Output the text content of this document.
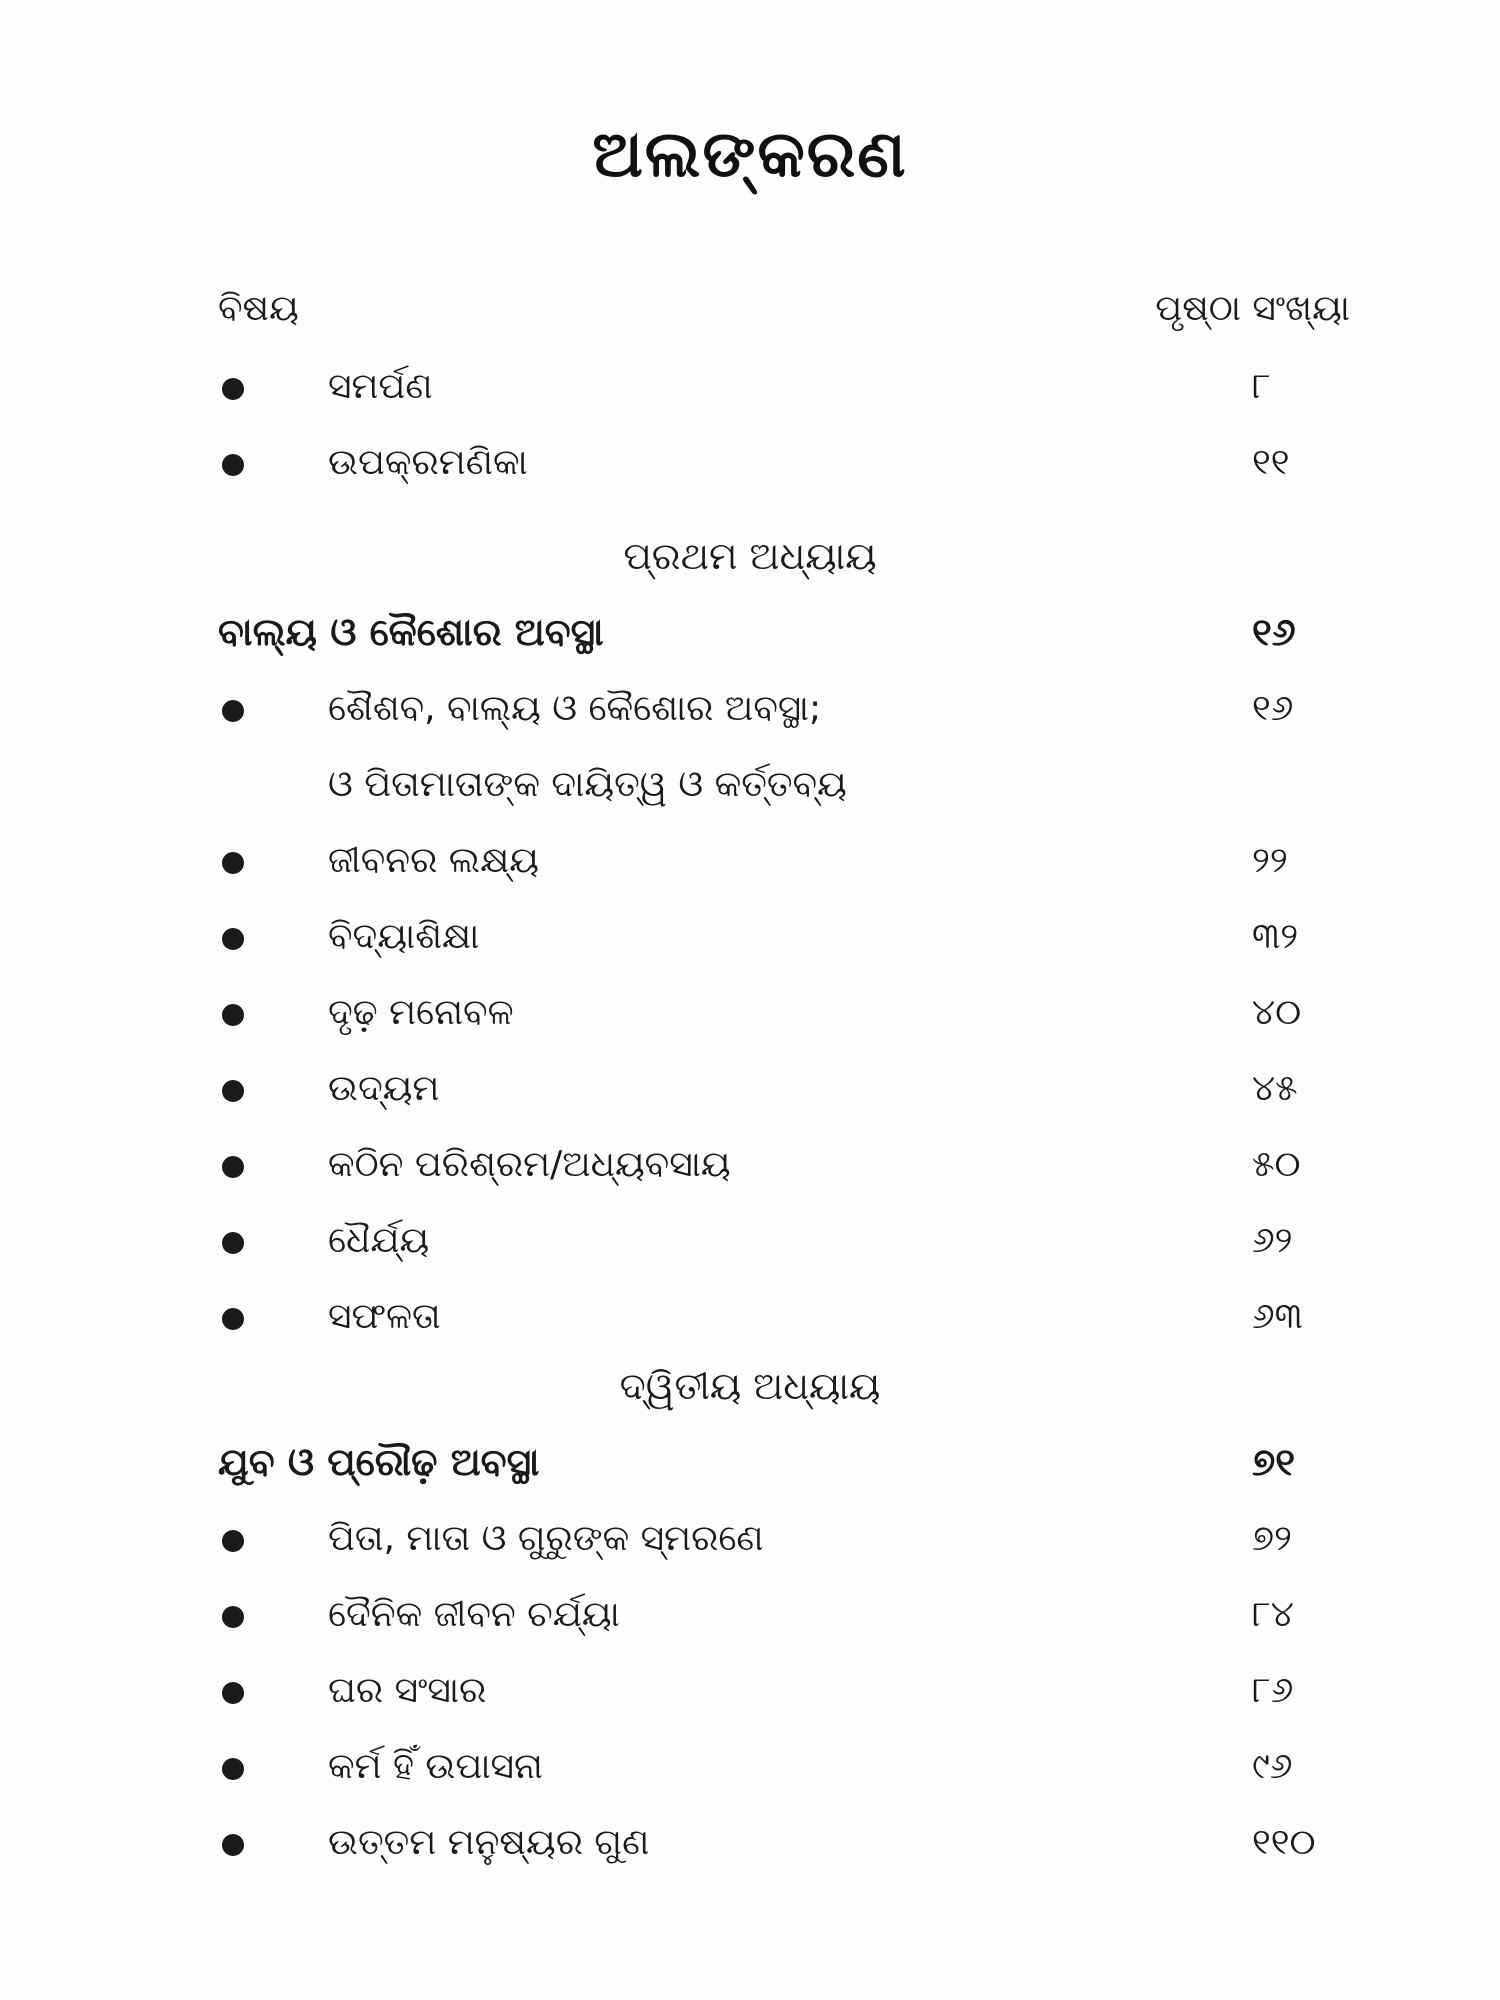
ଅଲଙ୍କରଣ
ବିଷୟ	ପୃଷ୍ଠା ସଂଖ୍ୟା
ସମର୍ପଣ	୮
ଉପକ୍ରମଣିକା	୧୧
ପ୍ରଥମ ଅଧ୍ୟାୟ
ବାଲ୍ୟ ଓ କୈଶୋର ଅବସ୍ଥା	୧୬
ଶୈଶବ, ବାଲ୍ୟ ଓ କୈଶୋର ଅବସ୍ଥା;	୧୬
ଓ ପିତାମାତାଙ୍କ ଦାୟିତ୍ୱ ଓ କର୍ତ୍ତବ୍ୟ
ଜୀବନର ଲକ୍ଷ୍ୟ	୨୨
ବିଦ୍ୟାଶିକ୍ଷା	୩୨
ଦୃଢ଼ ମନୋବଳ	୪୦
ଉଦ୍ୟମ	୪୫
କଠିନ ପରିଶ୍ରମ/ଅଧ୍ୟବସାୟ	୫୦
ଧୈର୍ଯ୍ୟ	୬୨
ସଫଳତା	୬୩
ଦ୍ୱିତୀୟ ଅଧ୍ୟାୟ
ଯୁବ ଓ ପ୍ରୌଢ଼ ଅବସ୍ଥା	୭୧
ପିତା, ମାତା ଓ ଗୁରୁଙ୍କ ସ୍ମରଣେ	୭୨
ଦୈନିକ ଜୀବନ ଚର୍ଯ୍ୟା	୮୪
ଘର ସଂସାର	୮୬
କର୍ମ ହିଁ ଉପାସନା	୯୬
ଉତ୍ତମ ମନୁଷ୍ୟର ଗୁଣ	୧୧୦
